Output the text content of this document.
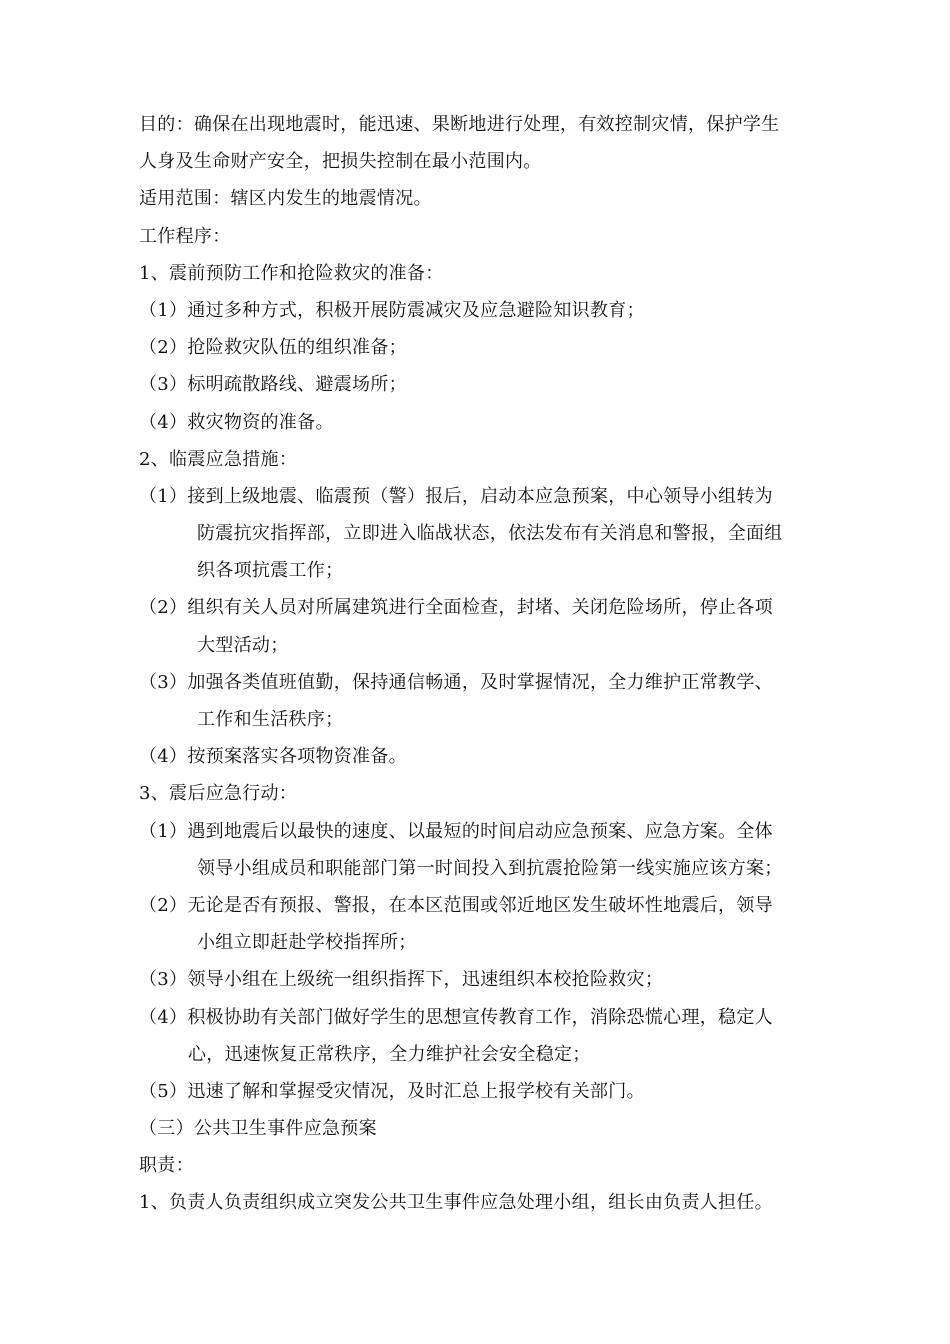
目的：确保在出现地震时，能迅速、果断地进行处理，有效控制灾情，保护学生
人身及生命财产安全，把损失控制在最小范围内。
适用范围：辖区内发生的地震情况。
工作程序：
1、震前预防工作和抢险救灾的准备：
（1）通过多种方式，积极开展防震减灾及应急避险知识教育；
（2）抢险救灾队伍的组织准备；
（3）标明疏散路线、避震场所；
（4）救灾物资的准备。
2、临震应急措施：
（1）接到上级地震、临震预（警）报后，启动本应急预案，中心领导小组转为
防震抗灾指挥部，立即进入临战状态，依法发布有关消息和警报，全面组
织各项抗震工作；
（2）组织有关人员对所属建筑进行全面检查，封堵、关闭危险场所，停止各项
大型活动；
（3）加强各类值班值勤，保持通信畅通，及时掌握情况，全力维护正常教学、
工作和生活秩序；
（4）按预案落实各项物资准备。
3、震后应急行动：
（1）遇到地震后以最快的速度、以最短的时间启动应急预案、应急方案。全体
领导小组成员和职能部门第一时间投入到抗震抢险第一线实施应该方案；
（2）无论是否有预报、警报，在本区范围或邻近地区发生破坏性地震后，领导
小组立即赶赴学校指挥所；
（3）领导小组在上级统一组织指挥下，迅速组织本校抢险救灾；
（4）积极协助有关部门做好学生的思想宣传教育工作，消除恐慌心理，稳定人
心，迅速恢复正常秩序，全力维护社会安全稳定；
（5）迅速了解和掌握受灾情况，及时汇总上报学校有关部门。
（三）公共卫生事件应急预案
职责：
1、负责人负责组织成立突发公共卫生事件应急处理小组，组长由负责人担任。
